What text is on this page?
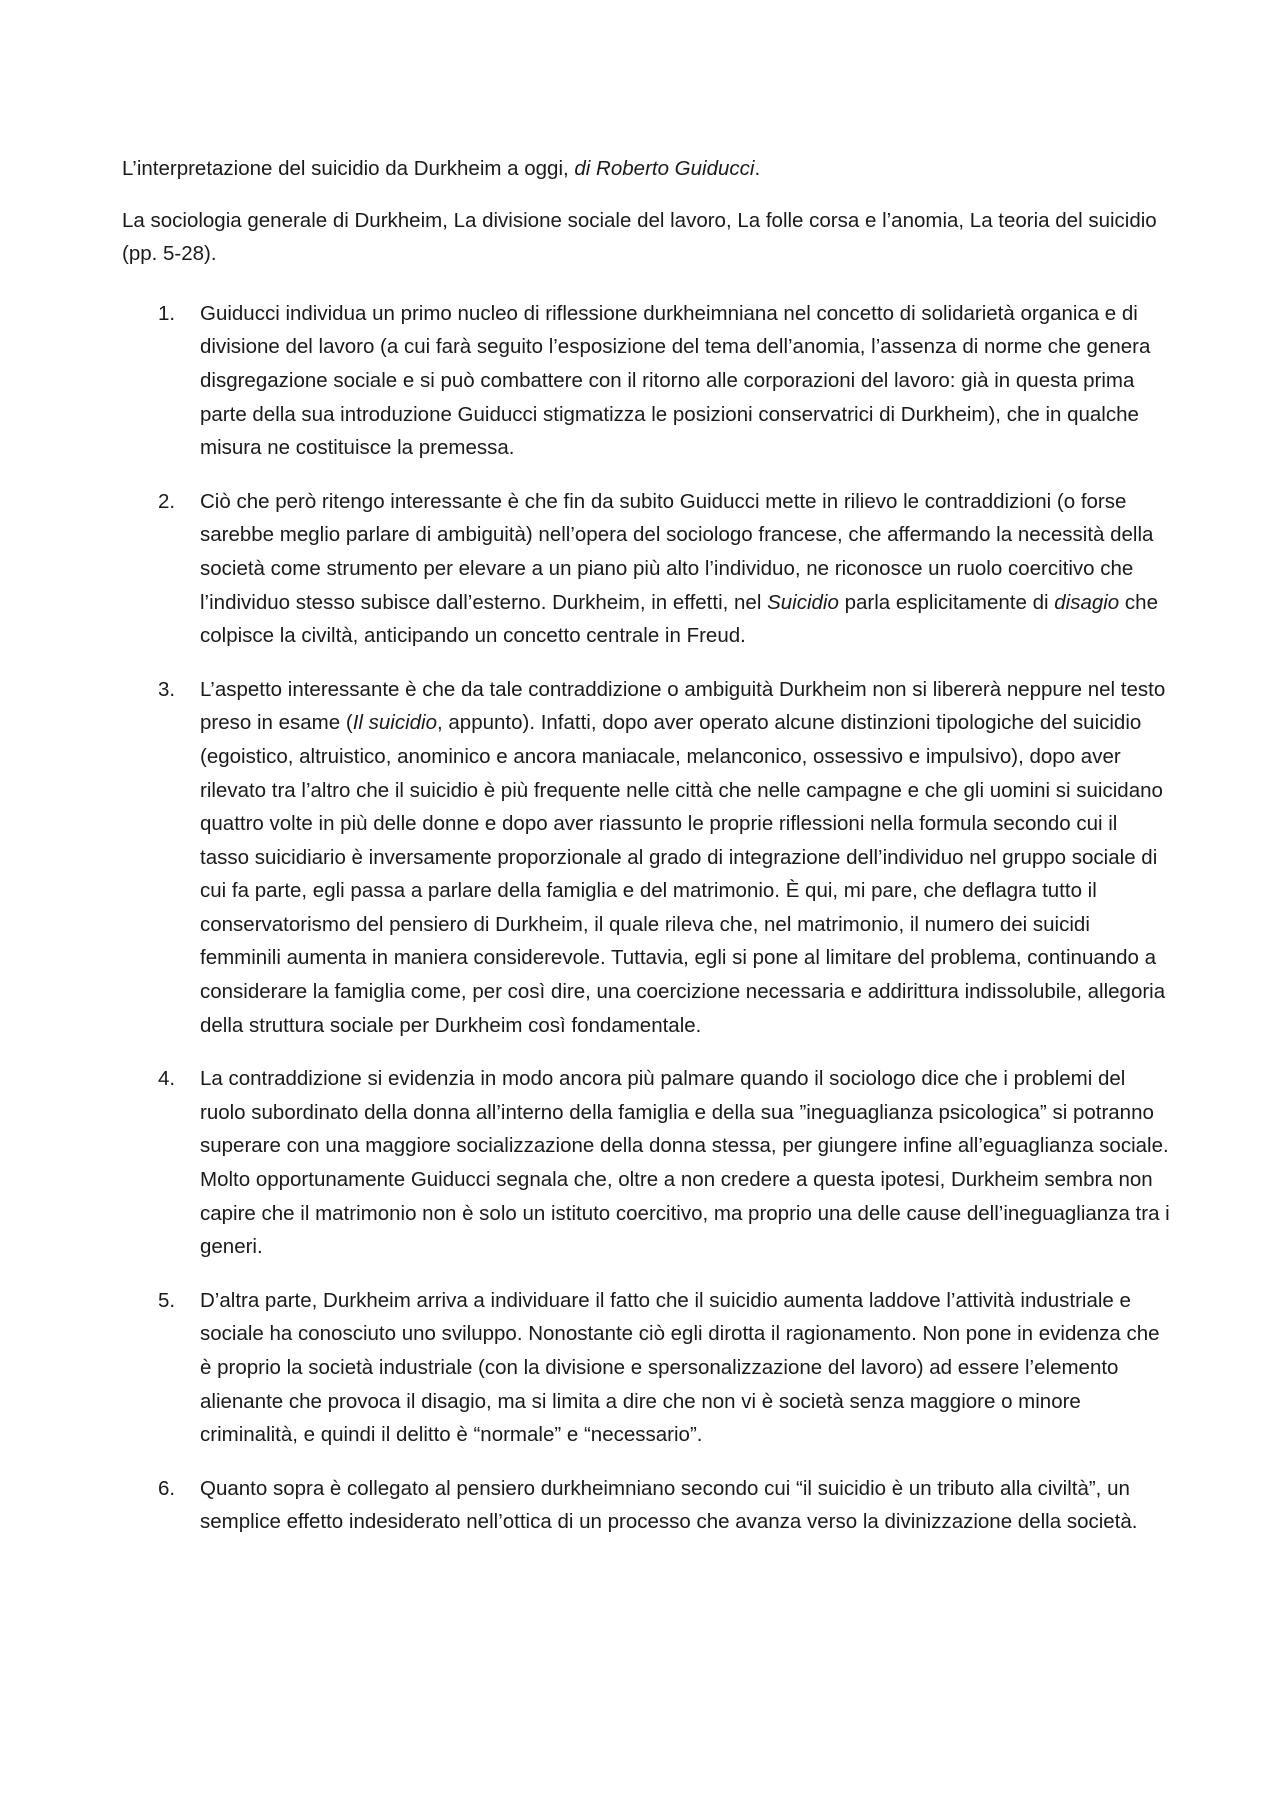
L’interpretazione del suicidio da Durkheim a oggi, di Roberto Guiducci.

La sociologia generale di Durkheim, La divisione sociale del lavoro, La folle corsa e l’anomia, La teoria del suicidio (pp. 5-28).

1.	Guiducci individua un primo nucleo di riflessione durkheimniana nel concetto di solidarietà organica e di divisione del lavoro (a cui farà seguito l’esposizione del tema dell’anomia, l’assenza di norme che genera disgregazione sociale e si può combattere con il ritorno alle corporazioni del lavoro: già in questa prima parte della sua introduzione Guiducci stigmatizza le posizioni conservatrici di Durkheim), che in qualche misura ne costituisce la premessa.
2.	Ciò che però ritengo interessante è che fin da subito Guiducci mette in rilievo le contraddizioni (o forse sarebbe meglio parlare di ambiguità) nell’opera del sociologo francese, che affermando la necessità della società come strumento per elevare a un piano più alto l’individuo, ne riconosce un ruolo coercitivo che l’individuo stesso subisce dall’esterno. Durkheim, in effetti, nel Suicidio parla esplicitamente di disagio che colpisce la civiltà, anticipando un concetto centrale in Freud.
3.	L’aspetto interessante è che da tale contraddizione o ambiguità Durkheim non si libererà neppure nel testo preso in esame (Il suicidio, appunto). Infatti, dopo aver operato alcune distinzioni tipologiche del suicidio (egoistico, altruistico, anominico e ancora maniacale, melanconico, ossessivo e impulsivo), dopo aver rilevato tra l’altro che il suicidio è più frequente nelle città che nelle campagne e che gli uomini si suicidano quattro volte in più delle donne e dopo aver riassunto le proprie riflessioni nella formula secondo cui il tasso suicidiario è inversamente proporzionale al grado di integrazione dell’individuo nel gruppo sociale di cui fa parte, egli passa a parlare della famiglia e del matrimonio. È qui, mi pare, che deflagra tutto il conservatorismo del pensiero di Durkheim, il quale rileva che, nel matrimonio, il numero dei suicidi femminili aumenta in maniera considerevole. Tuttavia, egli si pone al limitare del problema, continuando a considerare la famiglia come, per così dire, una coercizione necessaria e addirittura indissolubile, allegoria della struttura sociale per Durkheim così fondamentale.
4.	La contraddizione si evidenzia in modo ancora più palmare quando il sociologo dice che i problemi del ruolo subordinato della donna all’interno della famiglia e della sua ”ineguaglianza psicologica” si potranno superare con una maggiore socializzazione della donna stessa, per giungere infine all’eguaglianza sociale. Molto opportunamente Guiducci segnala che, oltre a non credere a questa ipotesi, Durkheim sembra non capire che il matrimonio non è solo un istituto coercitivo, ma proprio una delle cause dell’ineguaglianza tra i generi.
5.	D’altra parte, Durkheim arriva a individuare il fatto che il suicidio aumenta laddove l’attività industriale e sociale ha conosciuto uno sviluppo. Nonostante ciò egli dirotta il ragionamento. Non pone in evidenza che è proprio la società industriale (con la divisione e spersonalizzazione del lavoro) ad essere l’elemento alienante che provoca il disagio, ma si limita a dire che non vi è società senza maggiore o minore criminalità, e quindi il delitto è “normale” e “necessario”.
6.	Quanto sopra è collegato al pensiero durkheimniano secondo cui “il suicidio è un tributo alla civiltà”, un semplice effetto indesiderato nell’ottica di un processo che avanza verso la divinizzazione della società.
